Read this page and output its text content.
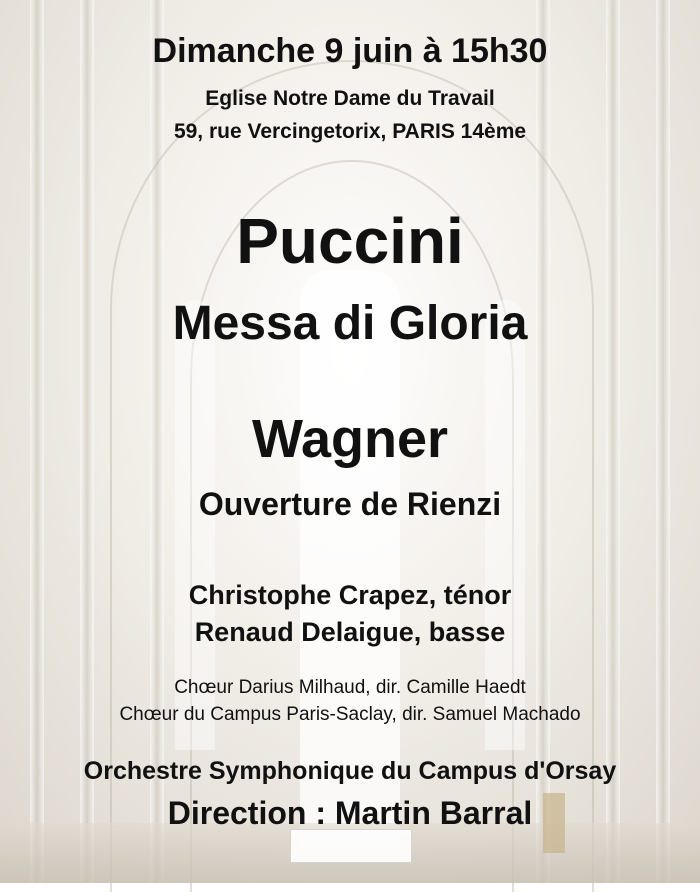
Dimanche 9 juin à 15h30
Eglise Notre Dame du Travail
59, rue Vercingetorix, PARIS 14ème
Puccini
Messa di Gloria
Wagner
Ouverture de Rienzi
Christophe Crapez, ténor
Renaud Delaigue, basse
Chœur Darius Milhaud, dir. Camille Haedt
Chœur du Campus Paris-Saclay, dir. Samuel Machado
Orchestre Symphonique du Campus d'Orsay
Direction : Martin Barral
